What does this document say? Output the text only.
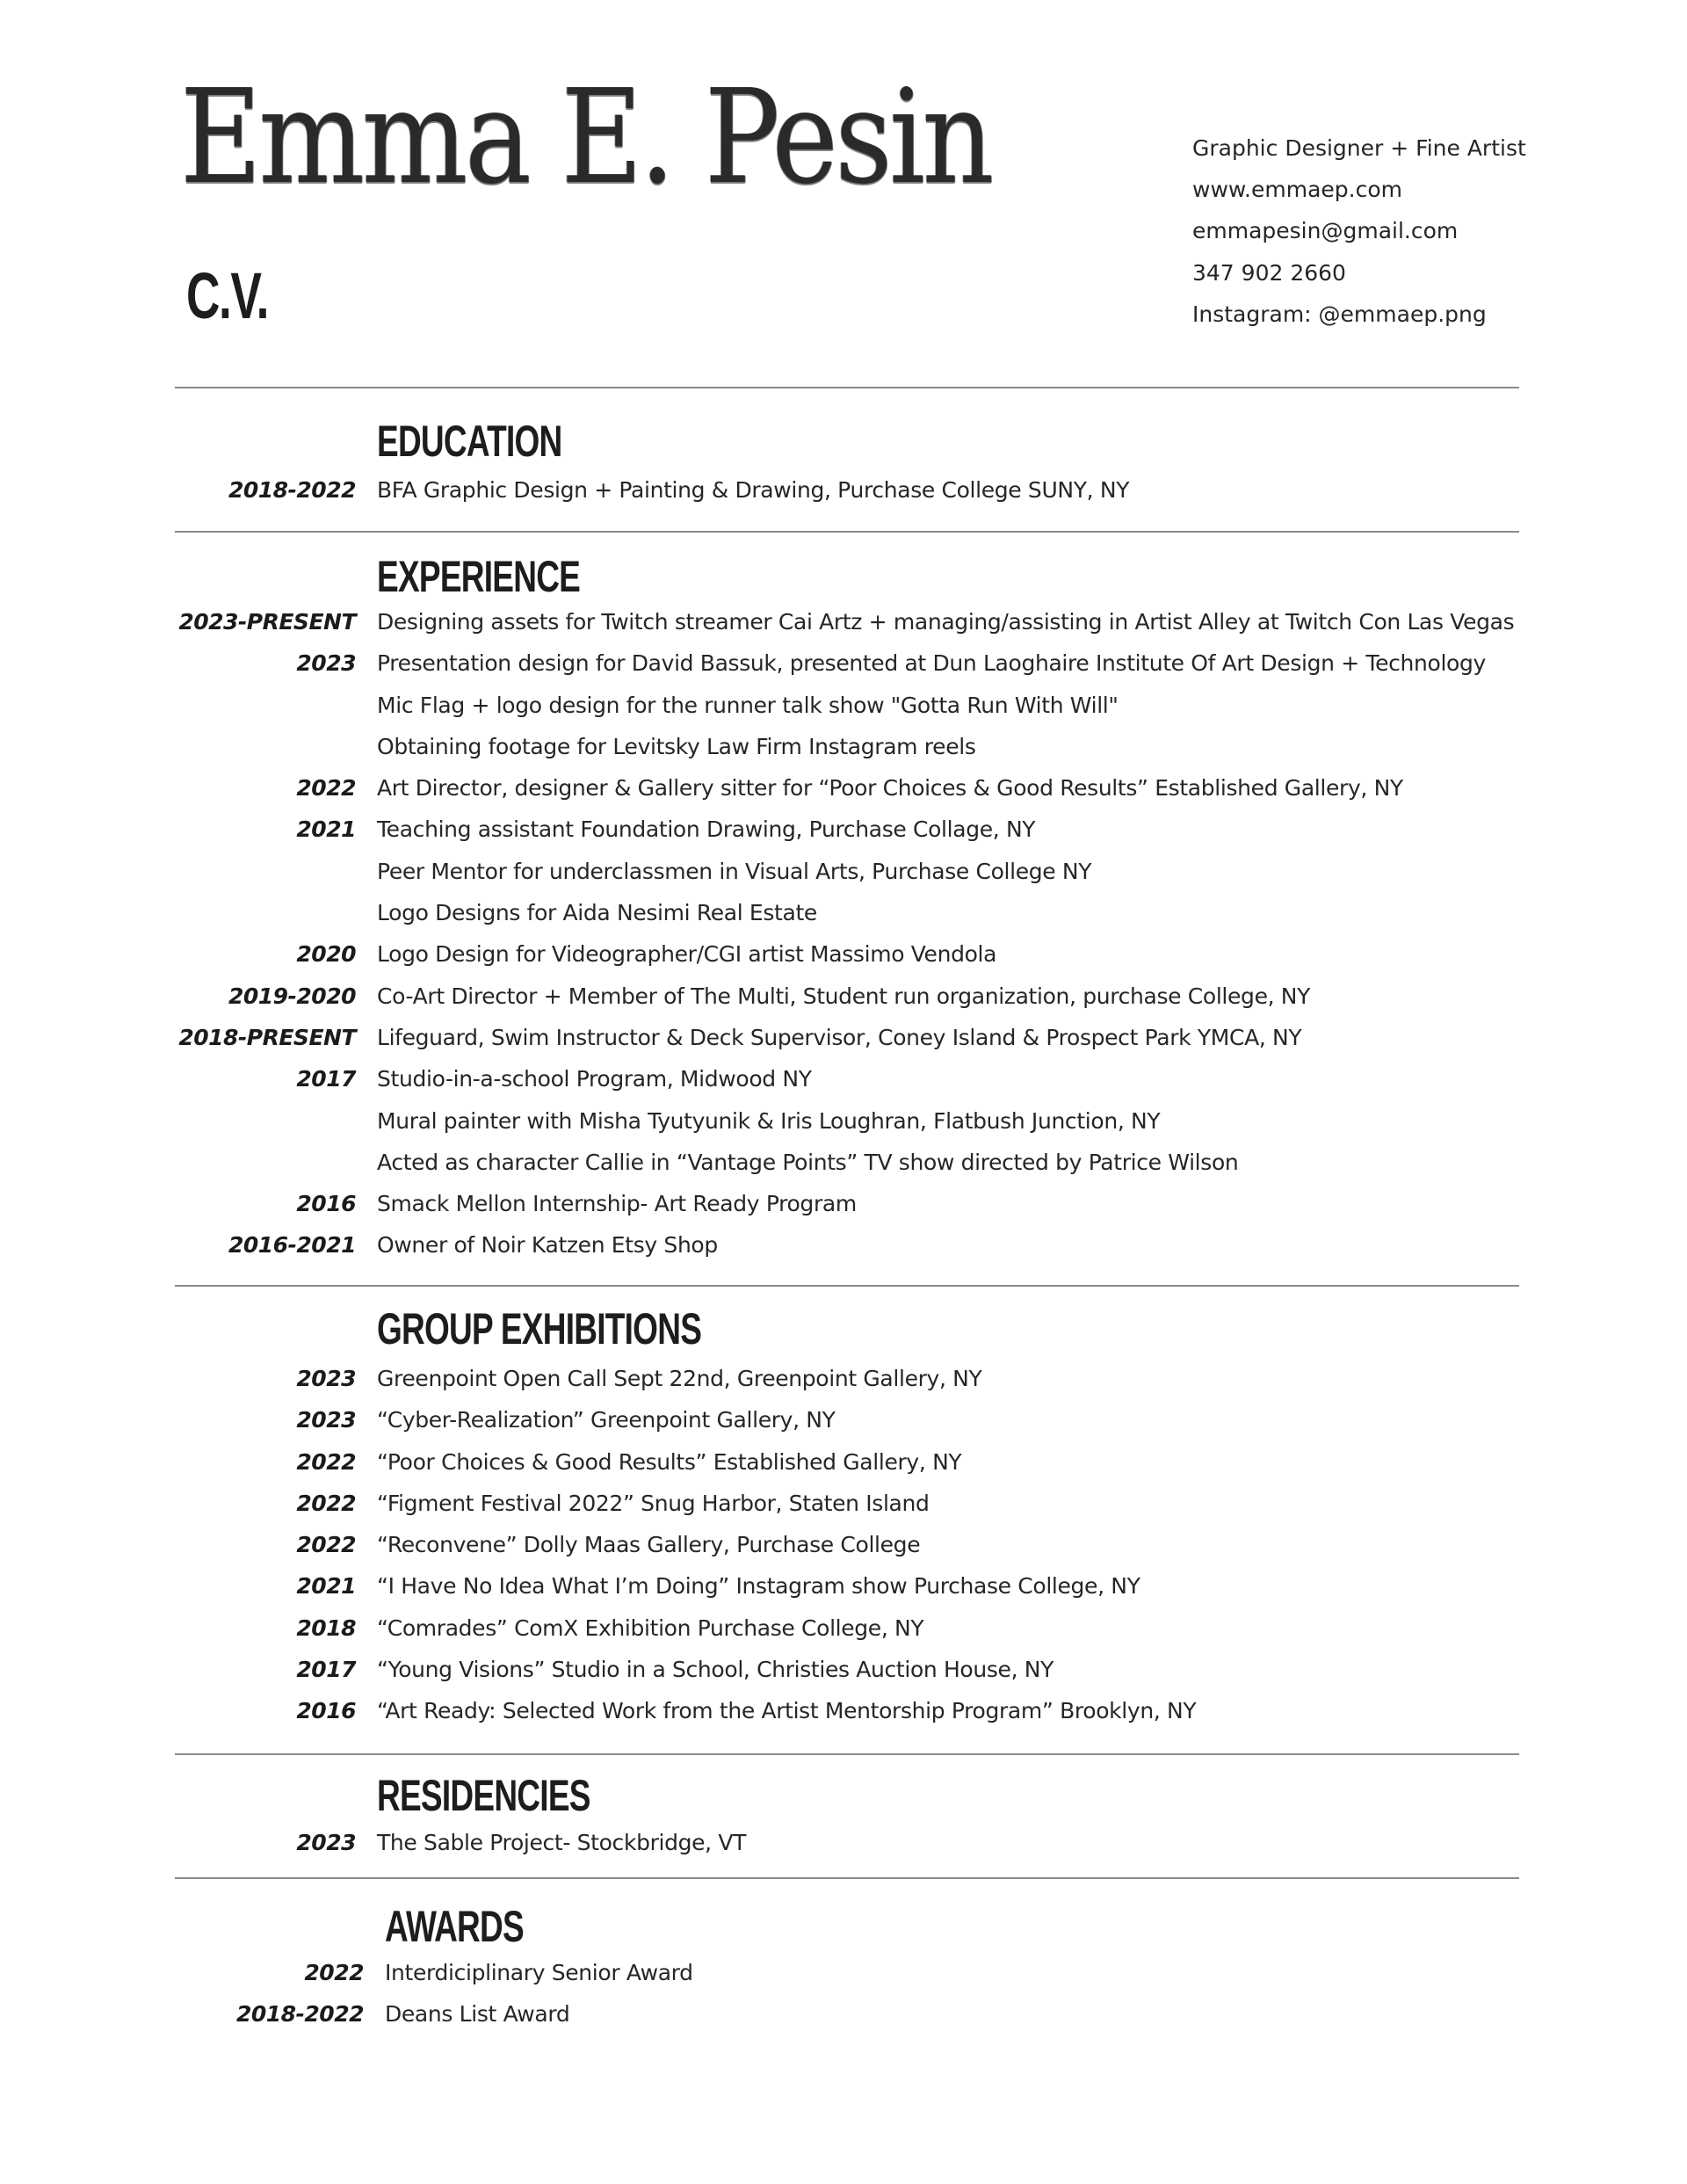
Emma E. Pesin
C.V.
Graphic Designer + Fine Artist
www.emmaep.com
emmapesin@gmail.com
347 902 2660
Instagram: @emmaep.png
EDUCATION
2018-2022 BFA Graphic Design + Painting & Drawing, Purchase College SUNY, NY
EXPERIENCE
2023-PRESENT Designing assets for Twitch streamer Cai Artz + managing/assisting in Artist Alley at Twitch Con Las Vegas
2023 Presentation design for David Bassuk, presented at Dun Laoghaire Institute Of Art Design + Technology
Mic Flag + logo design for the runner talk show "Gotta Run With Will"
Obtaining footage for Levitsky Law Firm Instagram reels
2022 Art Director, designer & Gallery sitter for “Poor Choices & Good Results” Established Gallery, NY
2021 Teaching assistant Foundation Drawing, Purchase Collage, NY
Peer Mentor for underclassmen in Visual Arts, Purchase College NY
Logo Designs for Aida Nesimi Real Estate
2020 Logo Design for Videographer/CGI artist Massimo Vendola
2019-2020 Co-Art Director + Member of The Multi, Student run organization, purchase College, NY
2018-PRESENT Lifeguard, Swim Instructor & Deck Supervisor, Coney Island & Prospect Park YMCA, NY
2017 Studio-in-a-school Program, Midwood NY
Mural painter with Misha Tyutyunik & Iris Loughran, Flatbush Junction, NY
Acted as character Callie in “Vantage Points” TV show directed by Patrice Wilson
2016 Smack Mellon Internship- Art Ready Program
2016-2021 Owner of Noir Katzen Etsy Shop
GROUP EXHIBITIONS
2023 Greenpoint Open Call Sept 22nd, Greenpoint Gallery, NY
2023 “Cyber-Realization” Greenpoint Gallery, NY
2022 “Poor Choices & Good Results” Established Gallery, NY
2022 “Figment Festival 2022” Snug Harbor, Staten Island
2022 “Reconvene” Dolly Maas Gallery, Purchase College
2021 “I Have No Idea What I’m Doing” Instagram show Purchase College, NY
2018 “Comrades” ComX Exhibition Purchase College, NY
2017 “Young Visions” Studio in a School, Christies Auction House, NY
2016 “Art Ready: Selected Work from the Artist Mentorship Program” Brooklyn, NY
RESIDENCIES
2023 The Sable Project- Stockbridge, VT
AWARDS
2022 Interdiciplinary Senior Award
2018-2022 Deans List Award
